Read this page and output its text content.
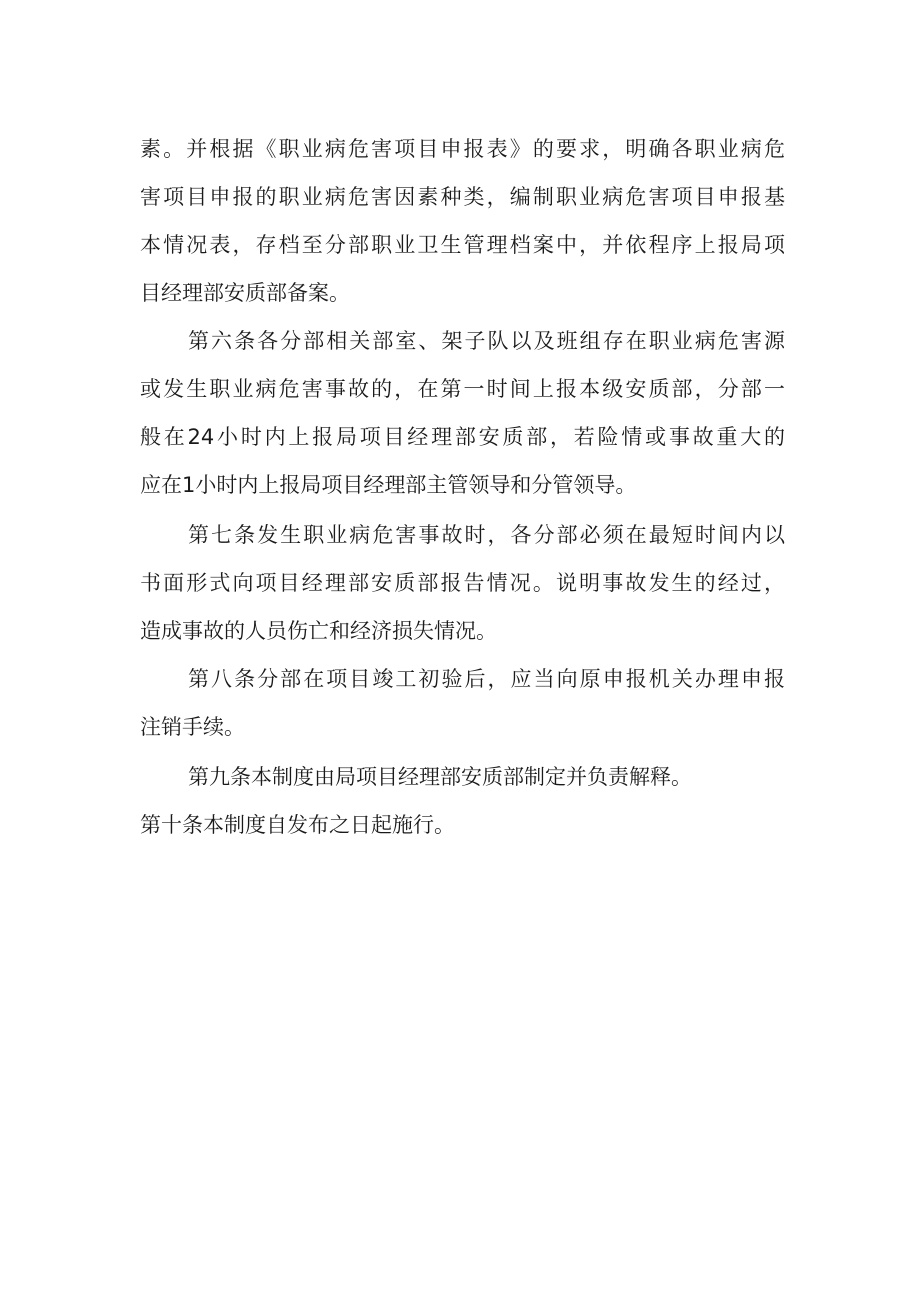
素。并根据《职业病危害项目申报表》的要求，明确各职业病危
害项目申报的职业病危害因素种类，编制职业病危害项目申报基
本情况表，存档至分部职业卫生管理档案中，并依程序上报局项
目经理部安质部备案。
第六条各分部相关部室、架子队以及班组存在职业病危害源
或发生职业病危害事故的，在第一时间上报本级安质部，分部一
般在24小时内上报局项目经理部安质部，若险情或事故重大的
应在1小时内上报局项目经理部主管领导和分管领导。
第七条发生职业病危害事故时，各分部必须在最短时间内以
书面形式向项目经理部安质部报告情况。说明事故发生的经过，
造成事故的人员伤亡和经济损失情况。
第八条分部在项目竣工初验后，应当向原申报机关办理申报
注销手续。
第九条本制度由局项目经理部安质部制定并负责解释。
第十条本制度自发布之日起施行。
